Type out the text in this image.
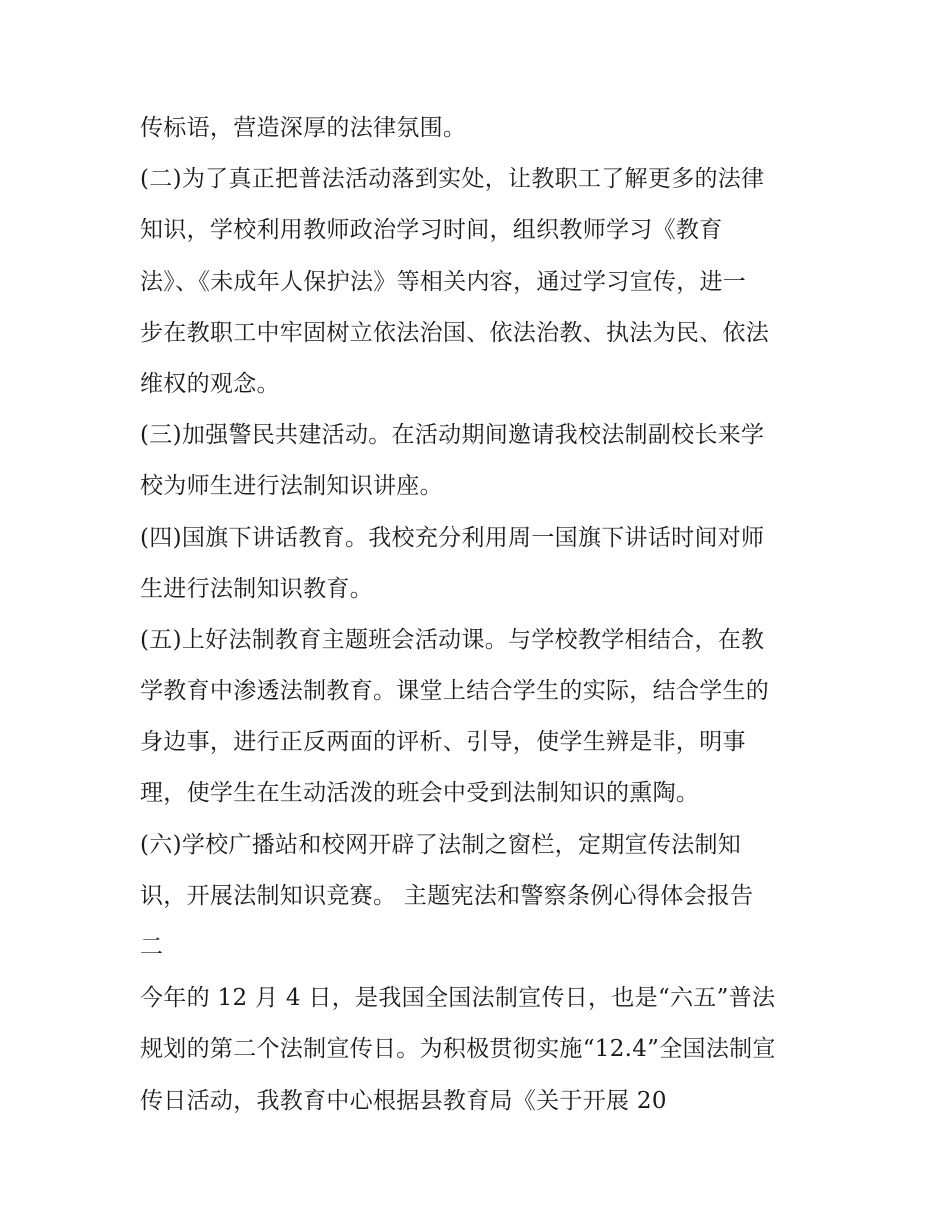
传标语，营造深厚的法律氛围。
(二)为了真正把普法活动落到实处，让教职工了解更多的法律
知识，学校利用教师政治学习时间，组织教师学习《教育
法》、《未成年人保护法》等相关内容，通过学习宣传，进一
步在教职工中牢固树立依法治国、依法治教、执法为民、依法
维权的观念。
(三)加强警民共建活动。在活动期间邀请我校法制副校长来学
校为师生进行法制知识讲座。
(四)国旗下讲话教育。我校充分利用周一国旗下讲话时间对师
生进行法制知识教育。
(五)上好法制教育主题班会活动课。与学校教学相结合，在教
学教育中渗透法制教育。课堂上结合学生的实际，结合学生的
身边事，进行正反两面的评析、引导，使学生辨是非，明事
理，使学生在生动活泼的班会中受到法制知识的熏陶。
(六)学校广播站和校网开辟了法制之窗栏，定期宣传法制知
识，开展法制知识竞赛。 主题宪法和警察条例心得体会报告
二
今年的 12 月 4 日，是我国全国法制宣传日，也是“六五”普法
规划的第二个法制宣传日。为积极贯彻实施“12.4”全国法制宣
传日活动，我教育中心根据县教育局《关于开展 20
